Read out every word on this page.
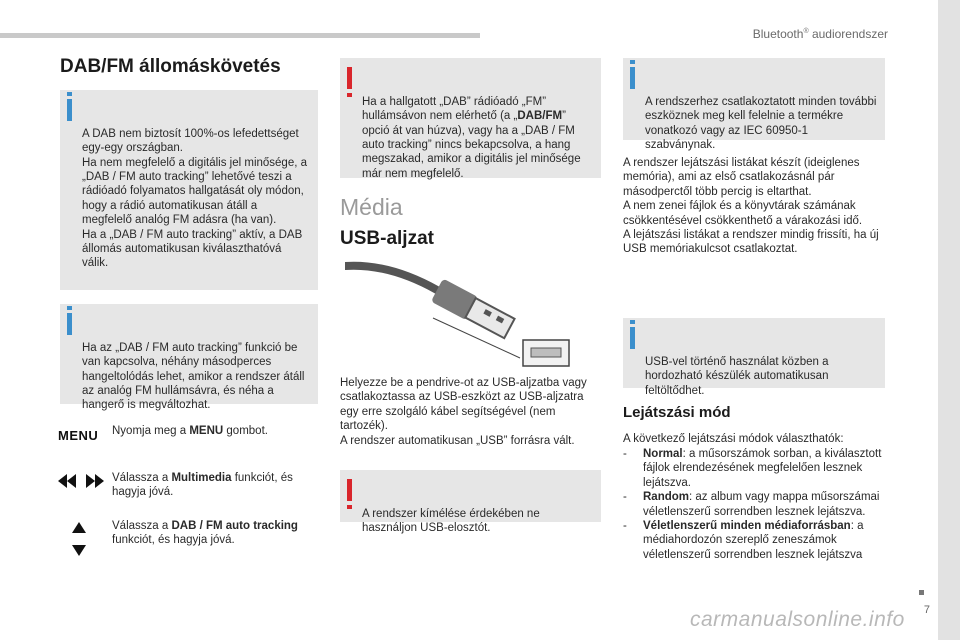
Bluetooth® audiorendszer
7
carmanualsonline.info
DAB/FM állomáskövetés

A DAB nem biztosít 100%-os lefedettséget egy-egy országban.
Ha nem megfelelő a digitális jel minősége, a „DAB / FM auto tracking” lehetővé teszi a rádióadó folyamatos hallgatását oly módon, hogy a rádió automatikusan átáll a megfelelő analóg FM adásra (ha van).
Ha a „DAB / FM auto tracking” aktív, a DAB állomás automatikusan kiválaszthatóvá válik.

Ha az „DAB / FM auto tracking” funkció be van kapcsolva, néhány másodperces hangeltolódás lehet, amikor a rendszer átáll az analóg FM hullámsávra, és néha a hangerő is megváltozhat.

MENU Nyomja meg a MENU gombot.
Válassza a Multimedia funkciót, és hagyja jóvá.
Válassza a DAB / FM auto tracking funkciót, és hagyja jóvá.

Ha a hallgatott „DAB” rádióadó „FM” hullámsávon nem elérhető (a „DAB/FM” opció át van húzva), vagy ha a „DAB / FM auto tracking” nincs bekapcsolva, a hang megszakad, amikor a digitális jel minősége már nem megfelelő.

Média
USB-aljzat
Helyezze be a pendrive-ot az USB-aljzatba vagy csatlakoztassa az USB-eszközt az USB-aljzatra egy erre szolgáló kábel segítségével (nem tartozék).
A rendszer automatikusan „USB” forrásra vált.

A rendszer kímélése érdekében ne használjon USB-elosztót.

A rendszerhez csatlakoztatott minden további eszköznek meg kell felelnie a termékre vonatkozó vagy az IEC 60950-1 szabványnak.

A rendszer lejátszási listákat készít (ideiglenes memória), ami az első csatlakozásnál pár másodperctől több percig is eltarthat.
A nem zenei fájlok és a könyvtárak számának csökkentésével csökkenthető a várakozási idő.
A lejátszási listákat a rendszer mindig frissíti, ha új USB memóriakulcsot csatlakoztat.

USB-vel történő használat közben a hordozható készülék automatikusan feltöltődhet.

Lejátszási mód
A következő lejátszási módok választhatók:
- Normal: a műsorszámok sorban, a kiválasztott fájlok elrendezésének megfelelően lesznek lejátszva.
- Random: az album vagy mappa műsorszámai véletlenszerű sorrendben lesznek lejátszva.
- Véletlenszerű minden médiaforrásban: a médiahordozón szereplő zeneszámok véletlenszerű sorrendben lesznek lejátszva
